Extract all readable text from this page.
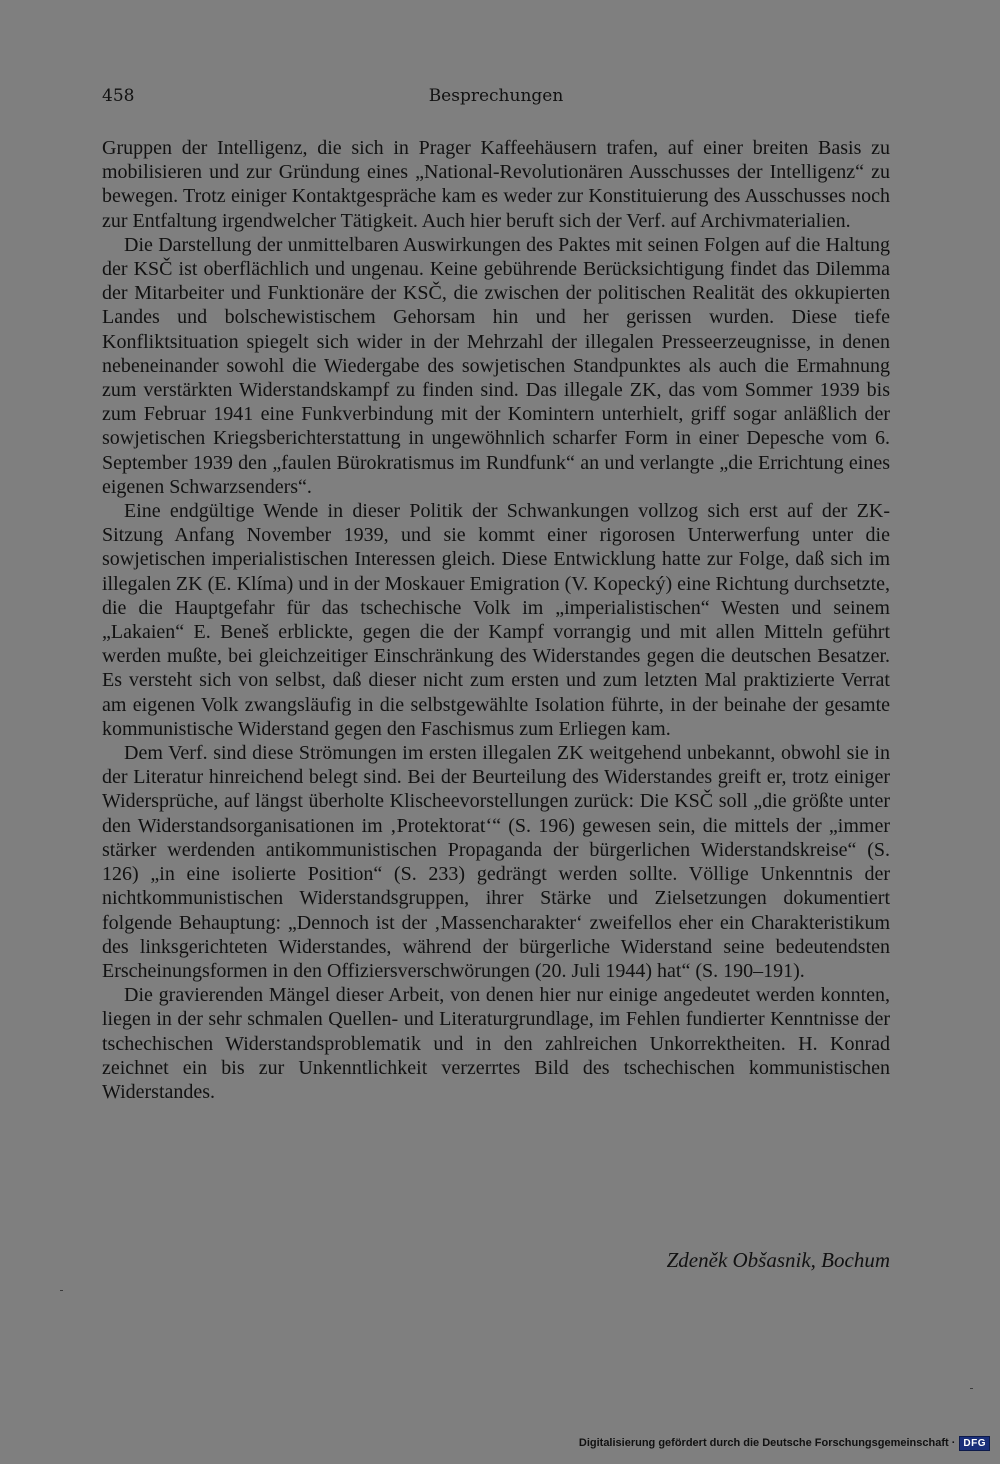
458	Besprechungen

Gruppen der Intelligenz, die sich in Prager Kaffeehäusern trafen, auf einer breiten Basis zu mobilisieren und zur Gründung eines „National-Revolutionären Ausschusses der Intelligenz“ zu bewegen. Trotz einiger Kontaktgespräche kam es weder zur Konstituierung des Ausschusses noch zur Entfaltung irgendwelcher Tätigkeit. Auch hier beruft sich der Verf. auf Archivmaterialien.

Die Darstellung der unmittelbaren Auswirkungen des Paktes mit seinen Folgen auf die Haltung der KSČ ist oberflächlich und ungenau. Keine gebührende Berücksichtigung findet das Dilemma der Mitarbeiter und Funktionäre der KSČ, die zwischen der politischen Realität des okkupierten Landes und bolschewistischem Gehorsam hin und her gerissen wurden. Diese tiefe Konfliktsituation spiegelt sich wider in der Mehrzahl der illegalen Presseerzeugnisse, in denen nebeneinander sowohl die Wiedergabe des sowjetischen Standpunktes als auch die Ermahnung zum verstärkten Widerstandskampf zu finden sind. Das illegale ZK, das vom Sommer 1939 bis zum Februar 1941 eine Funkverbindung mit der Komintern unterhielt, griff sogar anläßlich der sowjetischen Kriegsberichterstattung in ungewöhnlich scharfer Form in einer Depesche vom 6. September 1939 den „faulen Bürokratismus im Rundfunk“ an und verlangte „die Errichtung eines eigenen Schwarzsenders“.

Eine endgültige Wende in dieser Politik der Schwankungen vollzog sich erst auf der ZK-Sitzung Anfang November 1939, und sie kommt einer rigorosen Unterwerfung unter die sowjetischen imperialistischen Interessen gleich. Diese Entwicklung hatte zur Folge, daß sich im illegalen ZK (E. Klíma) und in der Moskauer Emigration (V. Kopecký) eine Richtung durchsetzte, die die Hauptgefahr für das tschechische Volk im „imperialistischen“ Westen und seinem „Lakaien“ E. Beneš erblickte, gegen die der Kampf vorrangig und mit allen Mitteln geführt werden mußte, bei gleichzeitiger Einschränkung des Widerstandes gegen die deutschen Besatzer. Es versteht sich von selbst, daß dieser nicht zum ersten und zum letzten Mal praktizierte Verrat am eigenen Volk zwangsläufig in die selbstgewählte Isolation führte, in der beinahe der gesamte kommunistische Widerstand gegen den Faschismus zum Erliegen kam.

Dem Verf. sind diese Strömungen im ersten illegalen ZK weitgehend unbekannt, obwohl sie in der Literatur hinreichend belegt sind. Bei der Beurteilung des Widerstandes greift er, trotz einiger Widersprüche, auf längst überholte Klischeevorstellungen zurück: Die KSČ soll „die größte unter den Widerstandsorganisationen im ‚Protektorat‘“ (S. 196) gewesen sein, die mittels der „immer stärker werdenden antikommunistischen Propaganda der bürgerlichen Widerstandskreise“ (S. 126) „in eine isolierte Position“ (S. 233) gedrängt werden sollte. Völlige Unkenntnis der nichtkommunistischen Widerstandsgruppen, ihrer Stärke und Zielsetzungen dokumentiert folgende Behauptung: „Dennoch ist der ‚Massencharakter‘ zweifellos eher ein Charakteristikum des linksgerichteten Widerstandes, während der bürgerliche Widerstand seine bedeutendsten Erscheinungsformen in den Offiziersverschwörungen (20. Juli 1944) hat“ (S. 190–191).

Die gravierenden Mängel dieser Arbeit, von denen hier nur einige angedeutet werden konnten, liegen in der sehr schmalen Quellen- und Literaturgrundlage, im Fehlen fundierter Kenntnisse der tschechischen Widerstandsproblematik und in den zahlreichen Unkorrektheiten. H. Konrad zeichnet ein bis zur Unkenntlichkeit verzerrtes Bild des tschechischen kommunistischen Widerstandes.

Zdeněk Obšasnik, Bochum
Digitalisierung gefördert durch die Deutsche Forschungsgemeinschaft · DFG
